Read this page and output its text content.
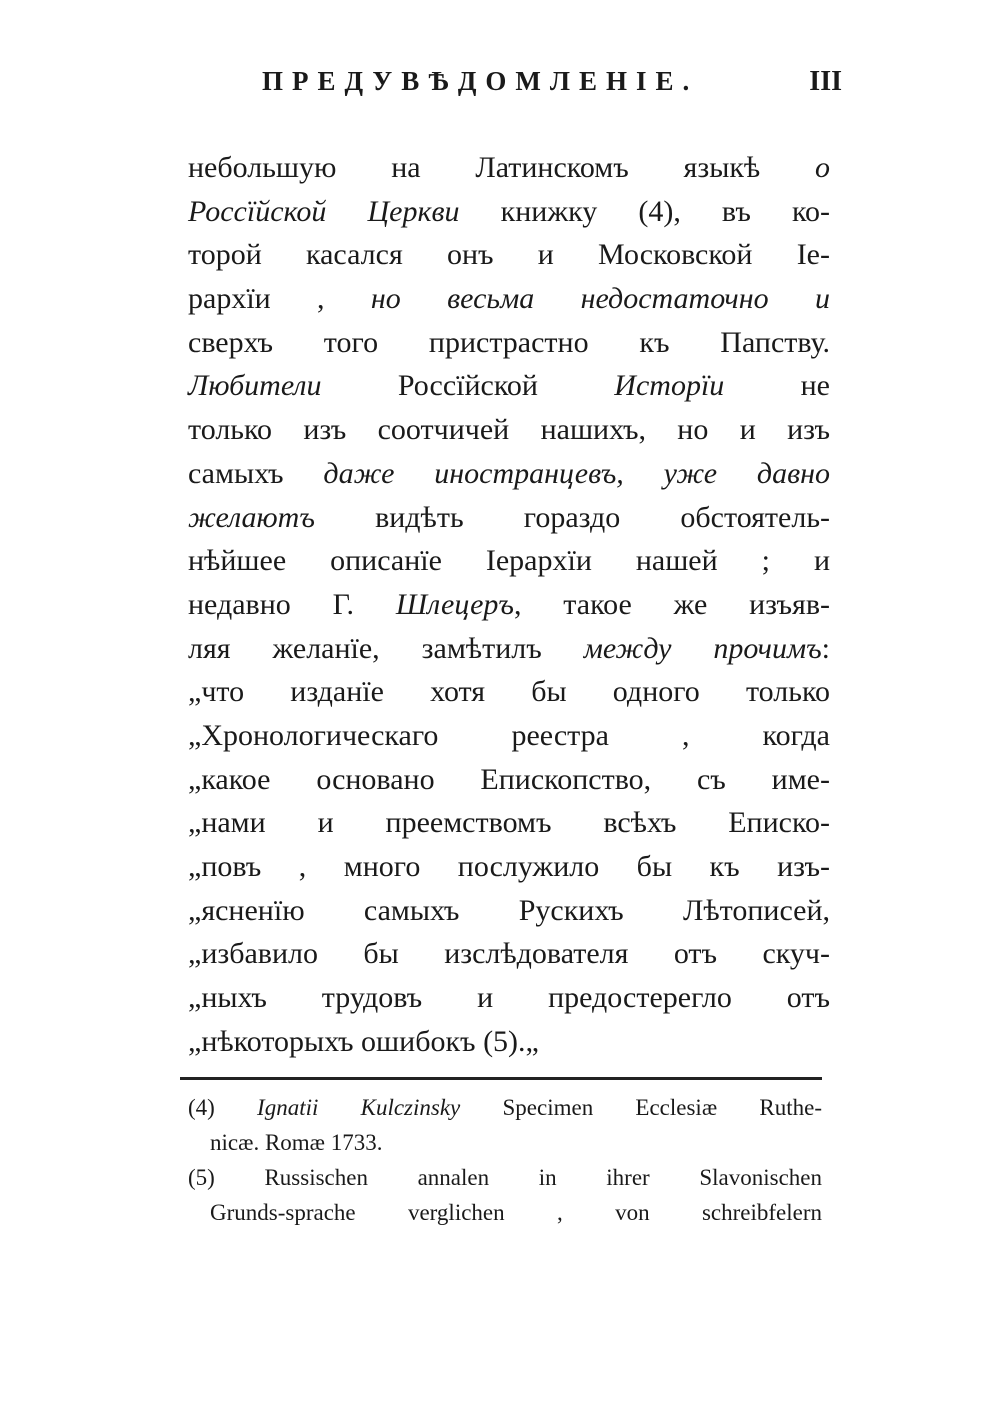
ПРЕДУВѢДОМЛЕНІЕ.	III
небольшую на Латинскомъ языкѣ о
Россїйской Церкви книжку (4), въ ко-
торой касался онъ и Московской Іе-
рархїи , но весьма недостаточно и
сверхъ того пристрастно къ Папству.
Любители Россїйской Исторїи не
только изъ соотчичей нашихъ, но и изъ
самыхъ даже иностранцевъ, уже давно
желаютъ видѣть гораздо обстоятель-
нѣйшее описанїе Іерархїи нашей ; и
недавно Г. Шлецеръ, такое же изъяв-
ляя желанїе, замѣтилъ между прочимъ:
„что изданїе хотя бы одного только
„Хронологическаго реестра , когда
„какое основано Епископство, съ име-
„нами и преемствомъ всѣхъ Еписко-
„повъ , много послужило бы къ изъ-
„ясненїю самыхъ Рускихъ Лѣтописей,
„избавило бы изслѣдователя отъ скуч-
„ныхъ трудовъ и предостерегло отъ
„нѣкоторыхъ ошибокъ (5).„
(4) Ignatii Kulczinsky Specimen Ecclesiæ Ruthe-
nicæ. Romæ 1733.
(5) Russischen annalen in ihrer Slavonischen
Grunds-sprache verglichen , von schreibfelern
